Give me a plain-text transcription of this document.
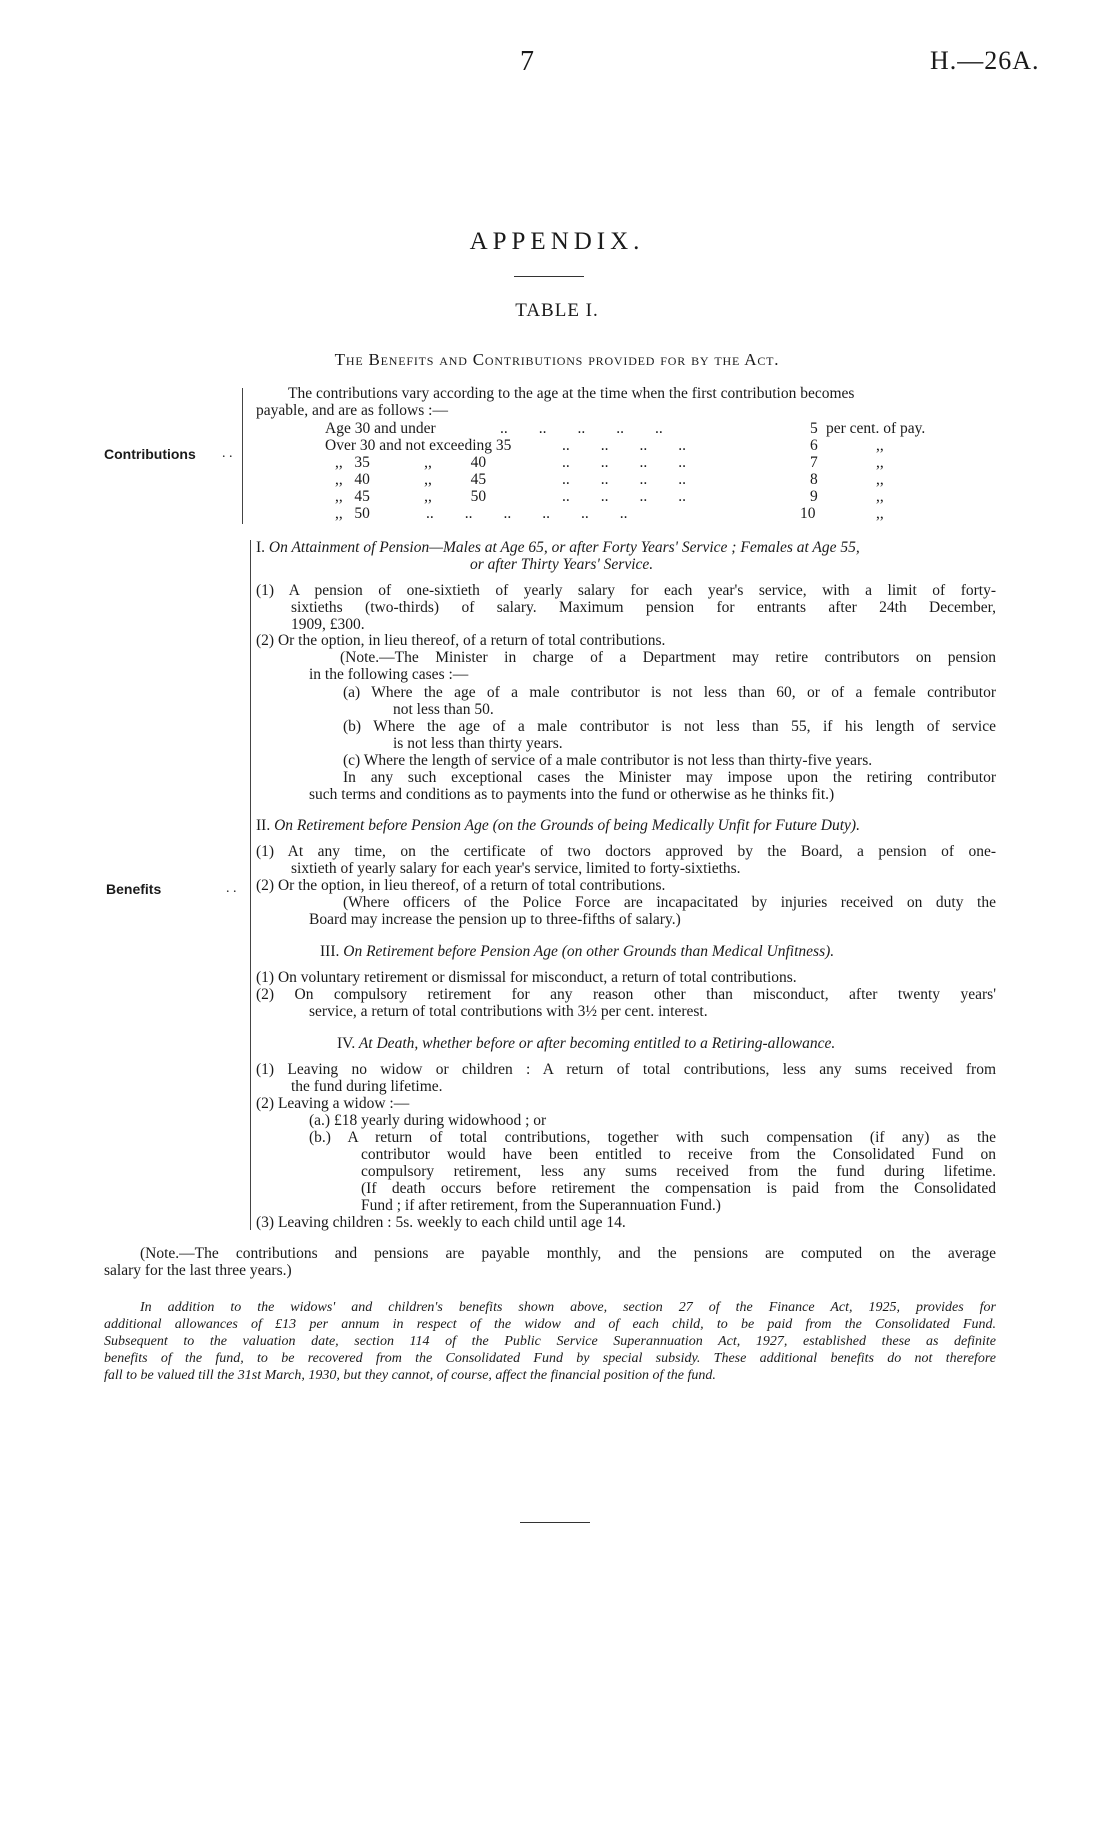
7	H.—26A.
APPENDIX.
TABLE I.
The Benefits and Contributions provided for by the Act.
Contributions . .
The contributions vary according to the age at the time when the first contribution becomes
payable, and are as follows :—
Age 30 and under	..        ..        ..        ..        ..	5 per cent. of pay.
Over 30 and not exceeding 35	..        ..        ..        ..	6	,,
,,   35              ,,          40	..        ..        ..        ..	7	,,
,,   40              ,,          45	..        ..        ..        ..	8	,,
,,   45              ,,          50	..        ..        ..        ..	9	,,
,,   50	..        ..        ..        ..        ..        ..	10	,,
Benefits	. .
I. On Attainment of Pension—Males at Age 65, or after Forty Years' Service ; Females at Age 55,
or after Thirty Years' Service.
(1) A pension of one-sixtieth of yearly salary for each year's service, with a limit of forty-
sixtieths (two-thirds) of salary. Maximum pension for entrants after 24th December,
1909, £300.
(2) Or the option, in lieu thereof, of a return of total contributions.
(Note.—The Minister in charge of a Department may retire contributors on pension
in the following cases :—
(a) Where the age of a male contributor is not less than 60, or of a female contributor
not less than 50.
(b) Where the age of a male contributor is not less than 55, if his length of service
is not less than thirty years.
(c) Where the length of service of a male contributor is not less than thirty-five years.
In any such exceptional cases the Minister may impose upon the retiring contributor
such terms and conditions as to payments into the fund or otherwise as he thinks fit.)
II. On Retirement before Pension Age (on the Grounds of being Medically Unfit for Future Duty).
(1) At any time, on the certificate of two doctors approved by the Board, a pension of one-
sixtieth of yearly salary for each year's service, limited to forty-sixtieths.
(2) Or the option, in lieu thereof, of a return of total contributions.
(Where officers of the Police Force are incapacitated by injuries received on duty the
Board may increase the pension up to three-fifths of salary.)
III. On Retirement before Pension Age (on other Grounds than Medical Unfitness).
(1) On voluntary retirement or dismissal for misconduct, a return of total contributions.
(2) On compulsory retirement for any reason other than misconduct, after twenty years'
service, a return of total contributions with 3½ per cent. interest.
IV. At Death, whether before or after becoming entitled to a Retiring-allowance.
(1) Leaving no widow or children : A return of total contributions, less any sums received from
the fund during lifetime.
(2) Leaving a widow :—
(a.) £18 yearly during widowhood ; or
(b.) A return of total contributions, together with such compensation (if any) as the
contributor would have been entitled to receive from the Consolidated Fund on
compulsory retirement, less any sums received from the fund during lifetime.
(If death occurs before retirement the compensation is paid from the Consolidated
Fund ; if after retirement, from the Superannuation Fund.)
(3) Leaving children : 5s. weekly to each child until age 14.
(Note.—The contributions and pensions are payable monthly, and the pensions are computed on the average
salary for the last three years.)
In addition to the widows' and children's benefits shown above, section 27 of the Finance Act, 1925, provides for
additional allowances of £13 per annum in respect of the widow and of each child, to be paid from the Consolidated Fund.
Subsequent to the valuation date, section 114 of the Public Service Superannuation Act, 1927, established these as definite
benefits of the fund, to be recovered from the Consolidated Fund by special subsidy. These additional benefits do not therefore
fall to be valued till the 31st March, 1930, but they cannot, of course, affect the financial position of the fund.
